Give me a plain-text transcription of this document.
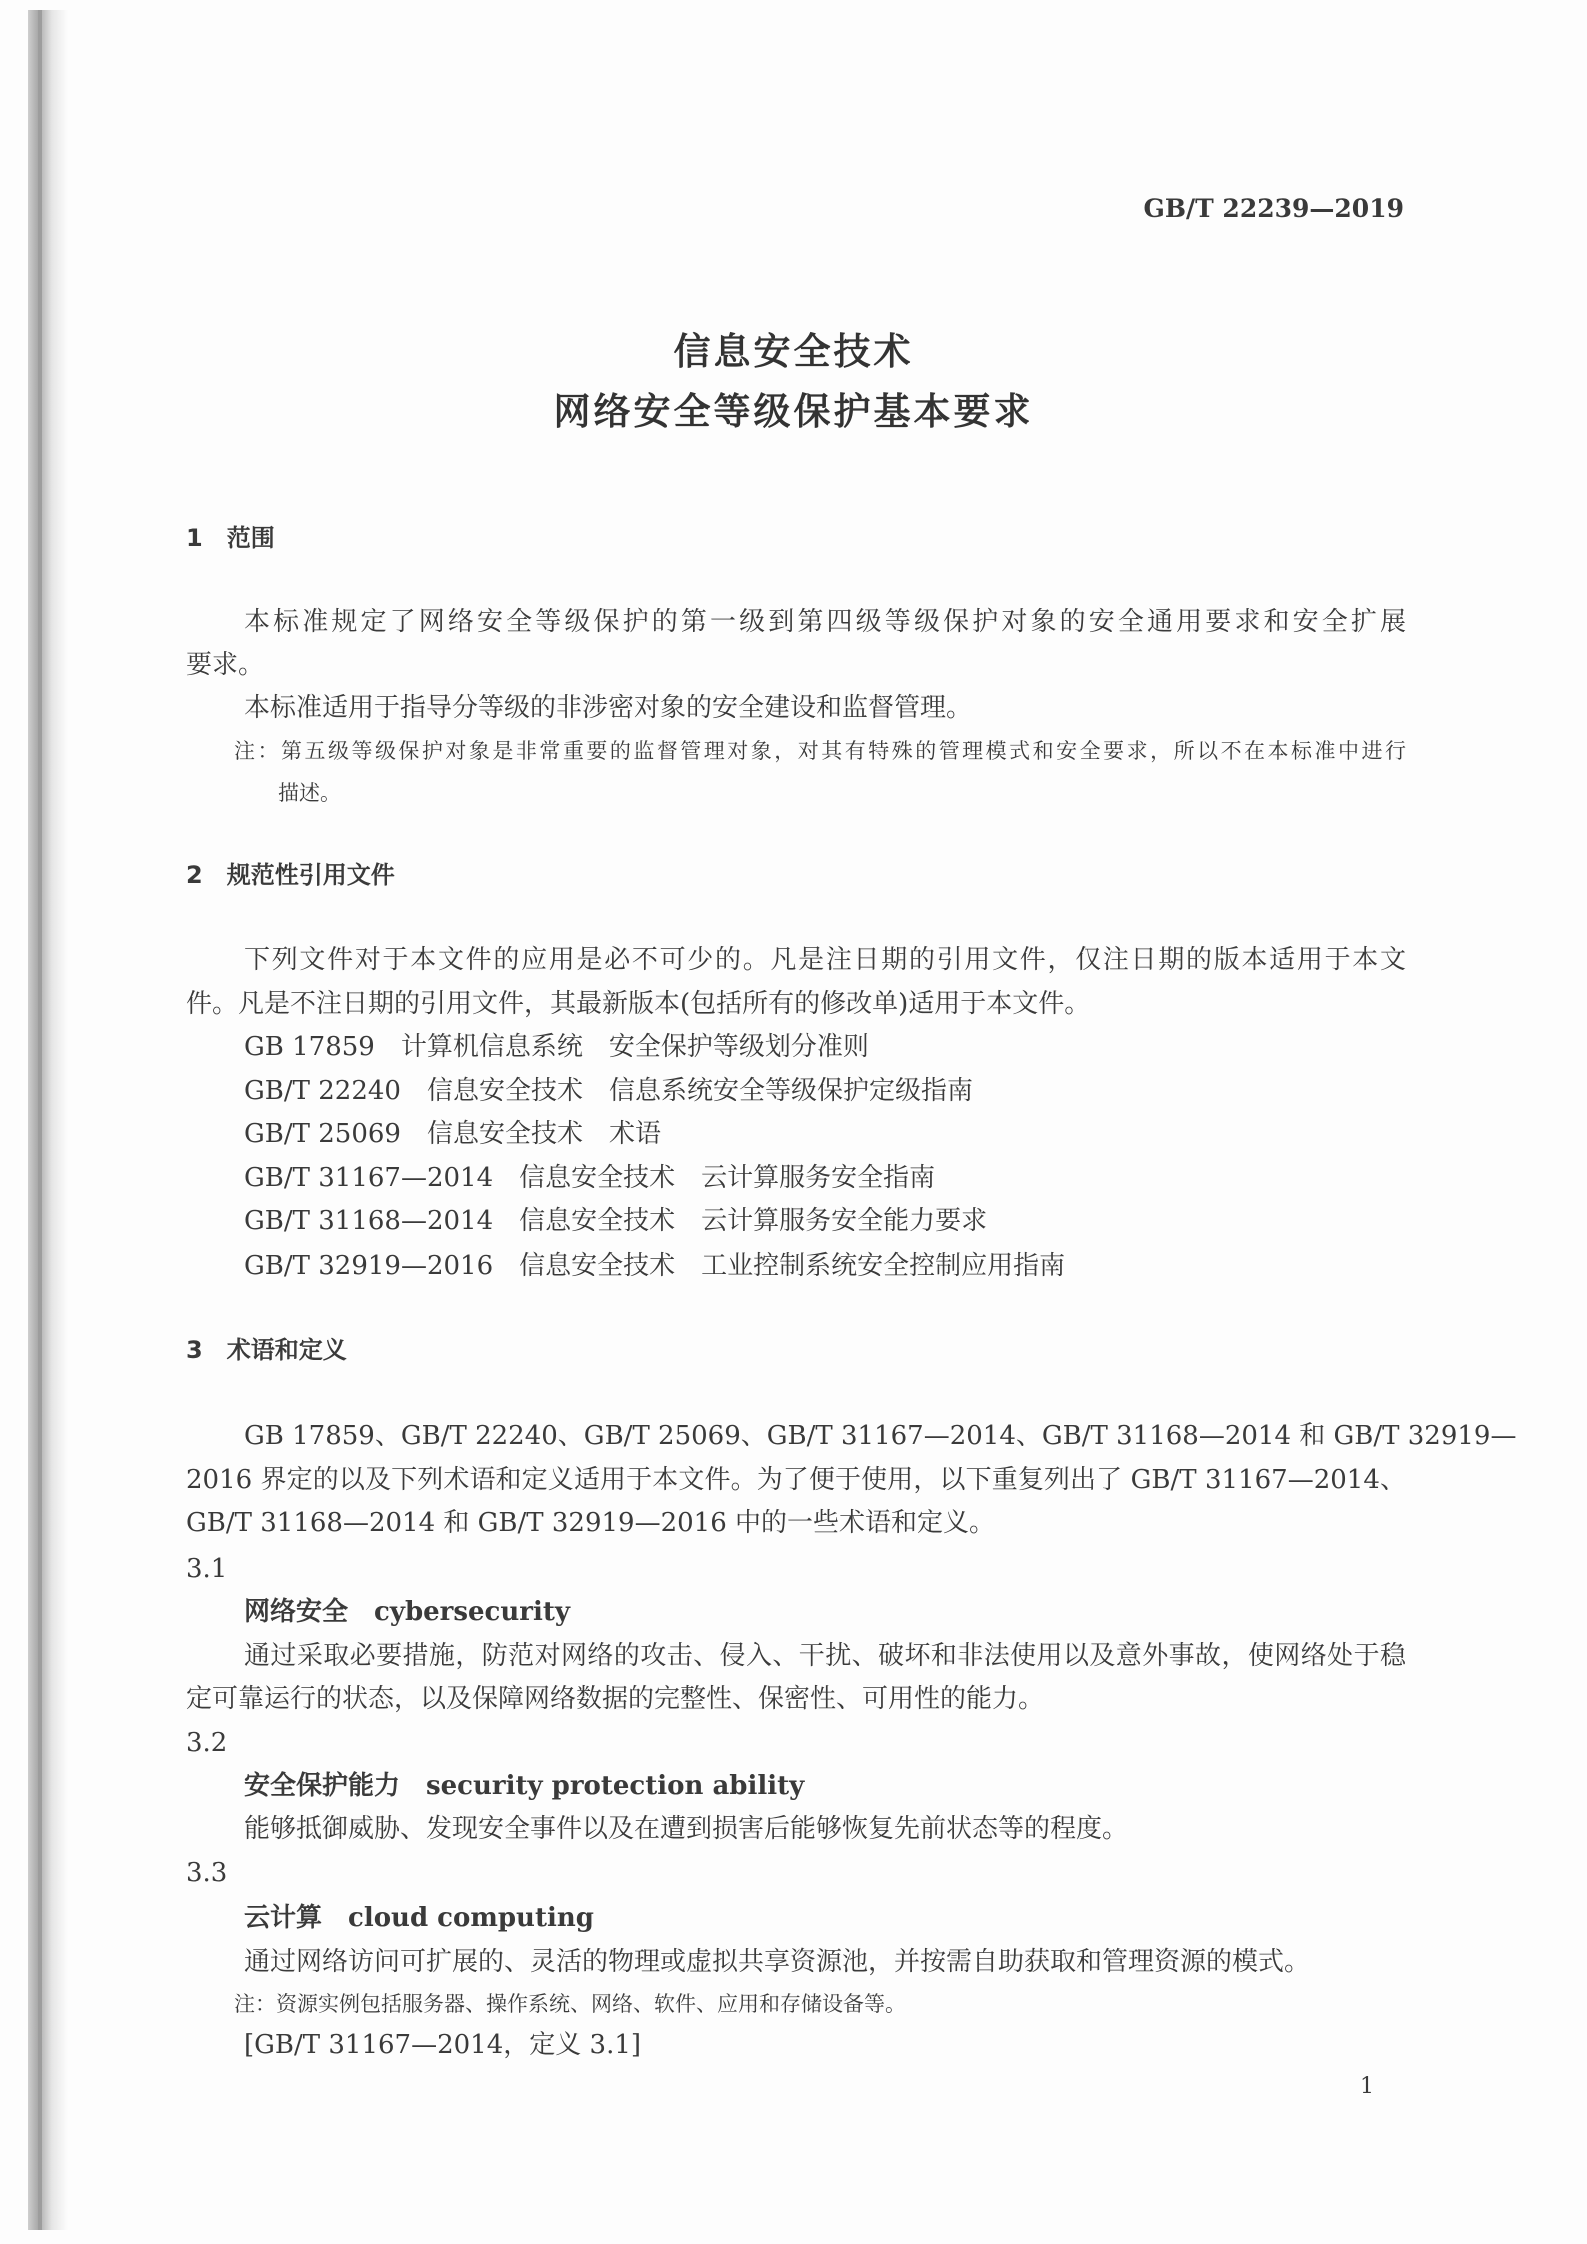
GB/T 22239—2019
信息安全技术
网络安全等级保护基本要求
1　范围
本标准规定了网络安全等级保护的第一级到第四级等级保护对象的安全通用要求和安全扩展
要求。
本标准适用于指导分等级的非涉密对象的安全建设和监督管理。
注：第五级等级保护对象是非常重要的监督管理对象，对其有特殊的管理模式和安全要求，所以不在本标准中进行
描述。
2　规范性引用文件
下列文件对于本文件的应用是必不可少的。凡是注日期的引用文件，仅注日期的版本适用于本文
件。凡是不注日期的引用文件，其最新版本(包括所有的修改单)适用于本文件。
GB 17859　计算机信息系统　安全保护等级划分准则
GB/T 22240　信息安全技术　信息系统安全等级保护定级指南
GB/T 25069　信息安全技术　术语
GB/T 31167—2014　信息安全技术　云计算服务安全指南
GB/T 31168—2014　信息安全技术　云计算服务安全能力要求
GB/T 32919—2016　信息安全技术　工业控制系统安全控制应用指南
3　术语和定义
GB 17859、GB/T 22240、GB/T 25069、GB/T 31167—2014、GB/T 31168—2014 和 GB/T 32919—
2016 界定的以及下列术语和定义适用于本文件。为了便于使用，以下重复列出了 GB/T 31167—2014、
GB/T 31168—2014 和 GB/T 32919—2016 中的一些术语和定义。
3.1
网络安全　cybersecurity
通过采取必要措施，防范对网络的攻击、侵入、干扰、破坏和非法使用以及意外事故，使网络处于稳
定可靠运行的状态，以及保障网络数据的完整性、保密性、可用性的能力。
3.2
安全保护能力　security protection ability
能够抵御威胁、发现安全事件以及在遭到损害后能够恢复先前状态等的程度。
3.3
云计算　cloud computing
通过网络访问可扩展的、灵活的物理或虚拟共享资源池，并按需自助获取和管理资源的模式。
注：资源实例包括服务器、操作系统、网络、软件、应用和存储设备等。
[GB/T 31167—2014，定义 3.1]
1
